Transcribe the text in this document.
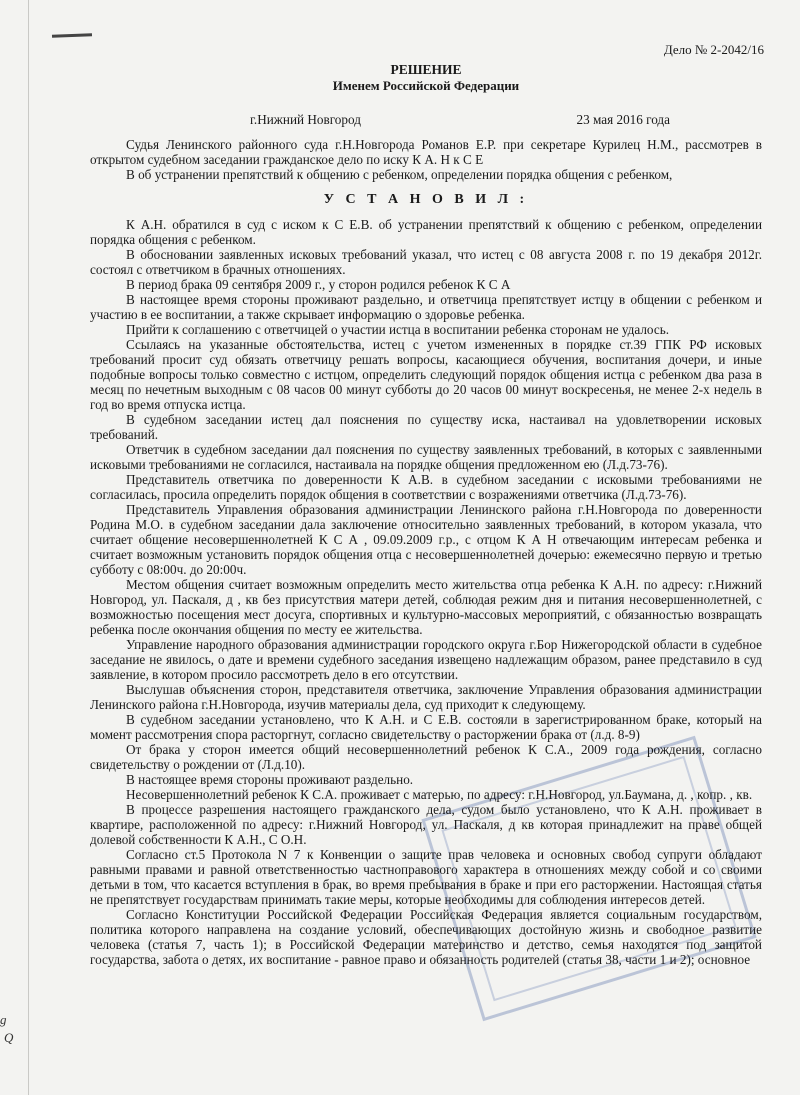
g
Q
Дело № 2-2042/16
РЕШЕНИЕ
Именем Российской Федерации
г.Нижний Новгород	23 мая 2016 года

Судья Ленинского районного суда г.Н.Новгорода Романов Е.Р. при секретаре Курилец Н.М., рассмотрев в открытом судебном заседании гражданское дело по иску К А. Н к С Е

В об устранении препятствий к общению с ребенком, определении порядка общения с ребенком,

У С Т А Н О В И Л :

К А.Н. обратился в суд с иском к С Е.В. об устранении препятствий к общению с ребенком, определении порядка общения с ребенком.

В обосновании заявленных исковых требований указал, что истец с 08 августа 2008 г. по 19 декабря 2012г. состоял с ответчиком в брачных отношениях.

В период брака 09 сентября 2009 г., у сторон родился ребенок К С А

В настоящее время стороны проживают раздельно, и ответчица препятствует истцу в общении с ребенком и участию в ее воспитании, а также скрывает информацию о здоровье ребенка.

Прийти к соглашению с ответчицей о участии истца в воспитании ребенка сторонам не удалось.

Ссылаясь на указанные обстоятельства, истец с учетом измененных в порядке ст.39 ГПК РФ исковых требований просит суд обязать ответчицу решать вопросы, касающиеся обучения, воспитания дочери, и иные подобные вопросы только совместно с истцом, определить следующий порядок общения истца с ребенком два раза в месяц по нечетным выходным с 08 часов 00 минут субботы до 20 часов 00 минут воскресенья, не менее 2-х недель в год во время отпуска истца.

В судебном заседании истец дал пояснения по существу иска, настаивал на удовлетворении исковых требований.

Ответчик в судебном заседании дал пояснения по существу заявленных требований, в которых с заявленными исковыми требованиями не согласился, настаивала на порядке общения предложенном ею (Л.д.73-76).

Представитель ответчика по доверенности К А.В. в судебном заседании с исковыми требованиями не согласилась, просила определить порядок общения в соответствии с возражениями ответчика (Л.д.73-76).

Представитель Управления образования администрации Ленинского района г.Н.Новгорода по доверенности Родина М.О. в судебном заседании дала заключение относительно заявленных требований, в котором указала, что считает общение несовершеннолетней К С А , 09.09.2009 г.р., с отцом К А Н отвечающим интересам ребенка и считает возможным установить порядок общения отца с несовершеннолетней дочерью: ежемесячно первую и третью субботу с 08:00ч. до 20:00ч.

Местом общения считает возможным определить место жительства отца ребенка К А.Н. по адресу: г.Нижний Новгород, ул. Паскаля, д , кв без присутствия матери детей, соблюдая режим дня и питания несовершеннолетней, с возможностью посещения мест досуга, спортивных и культурно-массовых мероприятий, с обязанностью возвращать ребенка после окончания общения по месту ее жительства.

Управление народного образования администрации городского округа г.Бор Нижегородской области в судебное заседание не явилось, о дате и времени судебного заседания извещено надлежащим образом, ранее представило в суд заявление, в котором просило рассмотреть дело в его отсутствии.

Выслушав объяснения сторон, представителя ответчика, заключение Управления образования администрации Ленинского района г.Н.Новгорода, изучив материалы дела, суд приходит к следующему.

В судебном заседании установлено, что К А.Н. и С Е.В. состояли в зарегистрированном браке, который на момент рассмотрения спора расторгнут, согласно свидетельству о расторжении брака от (л.д. 8-9)

От брака у сторон имеется общий несовершеннолетний ребенок К С.А., 2009 года рождения, согласно свидетельству о рождении от (Л.д.10).

В настоящее время стороны проживают раздельно.

Несовершеннолетний ребенок К С.А. проживает с матерью, по адресу: г.Н.Новгород, ул.Баумана, д. , копр. , кв.

В процессе разрешения настоящего гражданского дела, судом было установлено, что К А.Н. проживает в квартире, расположенной по адресу: г.Нижний Новгород, ул. Паскаля, д кв которая принадлежит на праве общей долевой собственности К А.Н., С О.Н.

Согласно ст.5 Протокола N 7 к Конвенции о защите прав человека и основных свобод супруги обладают равными правами и равной ответственностью частноправового характера в отношениях между собой и со своими детьми в том, что касается вступления в брак, во время пребывания в браке и при его расторжении. Настоящая статья не препятствует государствам принимать такие меры, которые необходимы для соблюдения интересов детей.

Согласно Конституции Российской Федерации Российская Федерация является социальным государством, политика которого направлена на создание условий, обеспечивающих достойную жизнь и свободное развитие человека (статья 7, часть 1); в Российской Федерации материнство и детство, семья находятся под защитой государства, забота о детях, их воспитание - равное право и обязанность родителей (статья 38, части 1 и 2); основное
